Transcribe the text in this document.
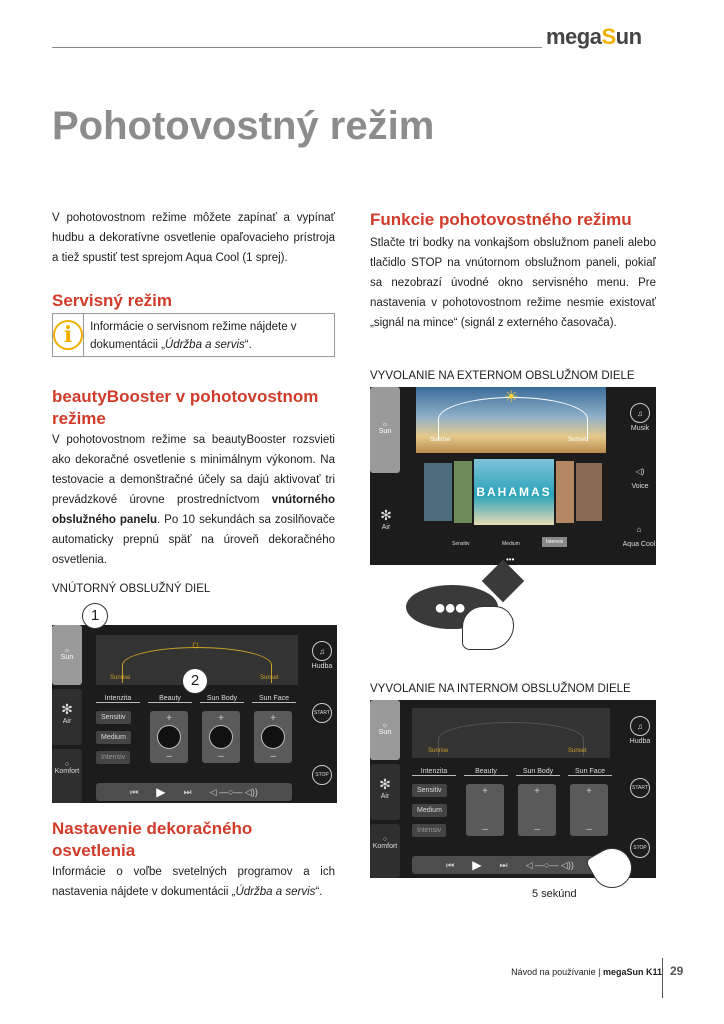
megaSun
Pohotovostný režim

V pohotovostnom režime môžete zapínať a vypínať hudbu a dekoratívne osvetlenie opaľovacieho prístroja a tiež spustiť test sprejom Aqua Cool (1 sprej).

Servisný režim
i	Informácie o servisnom režime nájdete v dokumentácii „Údržba a servis“.
beautyBooster v pohotovostnom režime

V pohotovostnom režime sa beautyBooster rozsvieti ako dekoračné osvetlenie s minimálnym výkonom. Na testovacie a demonštračné účely sa dajú aktivovať tri prevádzkové úrovne prostredníctvom vnútorného obslužného panelu. Po 10 sekundách sa zosilňovače automaticky prepnú späť na úroveň dekoračného osvetlenia.

VNÚTORNÝ OBSLUŽNÝ DIEL
☼
Sun
✻
Air
○
Komfort
☼
Sunrise	Sunset
♫
Hudba
START
STOP
Intenzita	Beauty	Sun Body	Sun Face
Sensitiv
Medium
Intensiv
+
–
+
–
+
–
⏮ ▶ ⏭ ◁ —○— ◁))
1
2
Nastavenie dekoračného osvetlenia

Informácie o voľbe svetelných programov a ich nastavenia nájdete v dokumentácii „Údržba a servis“.

Funkcie pohotovostného režimu

Stlačte tri bodky na vonkajšom obslužnom paneli alebo tlačidlo STOP na vnútornom obslužnom paneli, pokiaľ sa nezobrazí úvodné okno servisného menu. Pre nastavenia v pohotovostnom režime nesmie existovať „signál na mince“ (signál z externého časovača).

VYVOLANIE NA EXTERNOM OBSLUŽNOM DIELE
☼
Sun
✻
Air
☀
Sunrise	Sunset
BAHAMAS
Sensitiv	Medium	Intensiv
•••
♫
Musik
◁)
Voice
⌂
Aqua Cool
●●●
VYVOLANIE NA INTERNOM OBSLUŽNOM DIELE
☼
Sun
✻
Air
○
Komfort
Sunrise	Sunset
♫
Hudba
START
STOP
Intenzita	Beauty	Sun Body	Sun Face
Sensitiv
Medium
Intensiv
+
–
+
–
+
–
⏮ ▶ ⏭ ◁ —○— ◁))
5 sekúnd
Návod na používanie | megaSun K11 29
